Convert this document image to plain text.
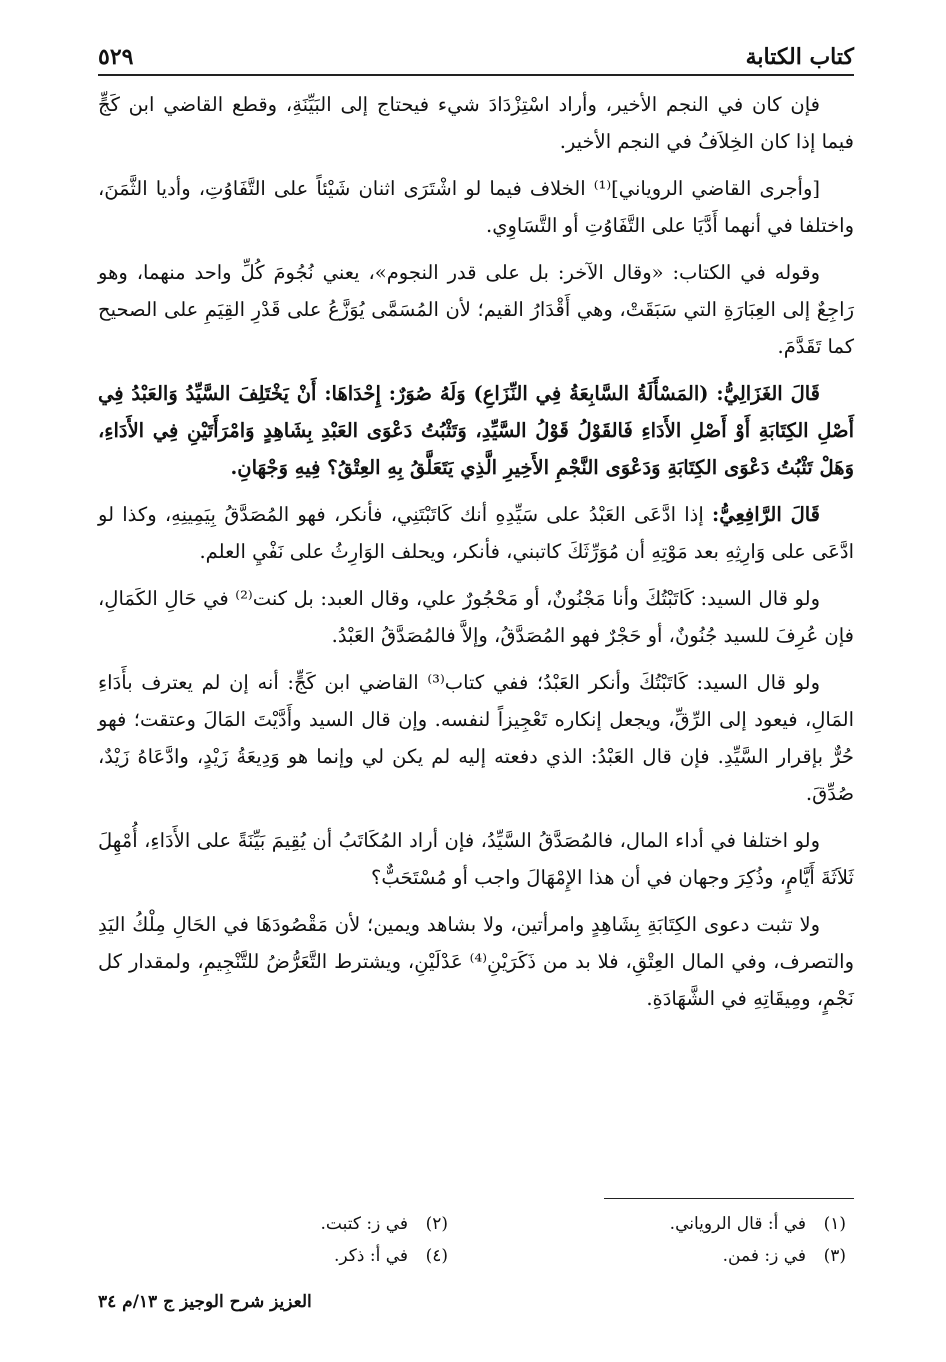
كتاب الكتابة
٥٢٩

فإن كان في النجم الأخير، وأراد اسْتِزْدَادَ شيء فيحتاج إلى البَيِّنَةِ، وقطع القاضي ابن كَجٍّ فيما إذا كان الخِلاَفُ في النجم الأخير.

[وأجرى القاضي الروياني]⁽¹⁾ الخلاف فيما لو اشْتَرَى اثنان شَيْئاً على التَّفَاوُتِ، وأديا الثَّمَنَ، واختلفا في أنهما أَدَّيَا على التَّفَاوُتِ أو التَّسَاوِي.

وقوله في الكتاب: «وقال الآخر: بل على قدر النجوم»، يعني نُجُومَ كُلِّ واحد منهما، وهو رَاجِعٌ إلى العِبَارَةِ التي سَبَقَتْ، وهي أَقْدَارُ القيم؛ لأن المُسَمَّى يُوَزَّعُ على قَدْرِ القِيَمِ على الصحيح كما تَقَدَّمَ.

قَالَ الغَزَالِيُّ: (المَسْأَلَةُ السَّابِعَةُ فِي النِّزَاعِ) وَلَهُ صُوَرٌ: إِحْدَاهَا: أَنْ يَخْتَلِفَ السَّيِّدُ وَالعَبْدُ فِي أَصْلِ الكِتَابَةِ أَوْ أَصْلِ الأَدَاءِ فَالقَوْلُ قَوْلُ السَّيِّدِ، وَتَثْبُتُ دَعْوَى العَبْدِ بِشَاهِدٍ وَامْرَأَتَيْنِ فِي الأَدَاءِ، وَهَلْ تَثْبُتُ دَعْوَى الكِتَابَةِ وَدَعْوَى النَّجْمِ الأَخِيرِ الَّذِي يَتَعَلَّقُ بِهِ العِتْقُ؟ فِيهِ وَجْهَانِ.

قَالَ الرَّافِعِيُّ: إذا ادَّعَى العَبْدُ على سَيِّدِهِ أنك كَاتَبْتَنِي، فأنكر، فهو المُصَدَّقُ بِيَمِينِهِ، وكذا لو ادَّعَى على وَارِثِهِ بعد مَوْتِهِ أن مُوَرِّثَكَ كاتبني، فأنكر، ويحلف الوَارِثُ على نَفْيِ العلم.

ولو قال السيد: كَاتَبْتُكَ وأنا مَجْنُونٌ، أو مَحْجُورٌ علي، وقال العبد: بل كنت⁽²⁾ في حَالِ الكَمَالِ، فإن عُرِفَ للسيد جُنُونٌ، أو حَجْرٌ فهو المُصَدَّقُ، وإلاَّ فالمُصَدَّقُ العَبْدُ.

ولو قال السيد: كَاتَبْتُكَ وأنكر العَبْدُ؛ ففي كتاب⁽³⁾ القاضي ابن كَجٍّ: أنه إن لم يعترف بأَدَاءِ المَالِ، فيعود إلى الرِّقِّ، ويجعل إنكاره تَعْجِيزاً لنفسه. وإن قال السيد وأَدَّيْتَ المَالَ وعتقت؛ فهو حُرٌّ بإقرار السَّيِّدِ. فإن قال العَبْدُ: الذي دفعته إليه لم يكن لي وإنما هو وَدِيعَةُ زَيْدٍ، وادَّعَاهُ زَيْدٌ، صُدِّقَ.

ولو اختلفا في أداء المال، فالمُصَدَّقُ السَّيِّدُ، فإن أراد المُكَاتَبُ أن يُقِيمَ بَيِّنَةً على الأَدَاءِ، أُمْهِلَ ثَلاَثَةَ أَيَّامٍ، وذُكِرَ وجهان في أن هذا الإِمْهَالَ واجب أو مُسْتَحَبٌّ؟

ولا تثبت دعوى الكِتَابَةِ بِشَاهِدٍ وامرأتين، ولا بشاهد ويمين؛ لأن مَقْصُودَهَا في الحَالِ مِلْكُ اليَدِ والتصرف، وفي المال العِتْقِ، فلا بد من ذَكَرَيْنِ⁽⁴⁾ عَدْلَيْنِ، ويشترط التَّعَرُّضُ للتَّنْجِيمِ، ولمقدار كل نَجْمٍ، ومِيقَاتِهِ في الشَّهَادَةِ.

(١)في أ: قال الروياني.
(٢)في ز: كتبت.
(٣)في ز: فمن.
(٤)في أ: ذكر.
العزيز شرح الوجيز ج ١٣/م ٣٤
